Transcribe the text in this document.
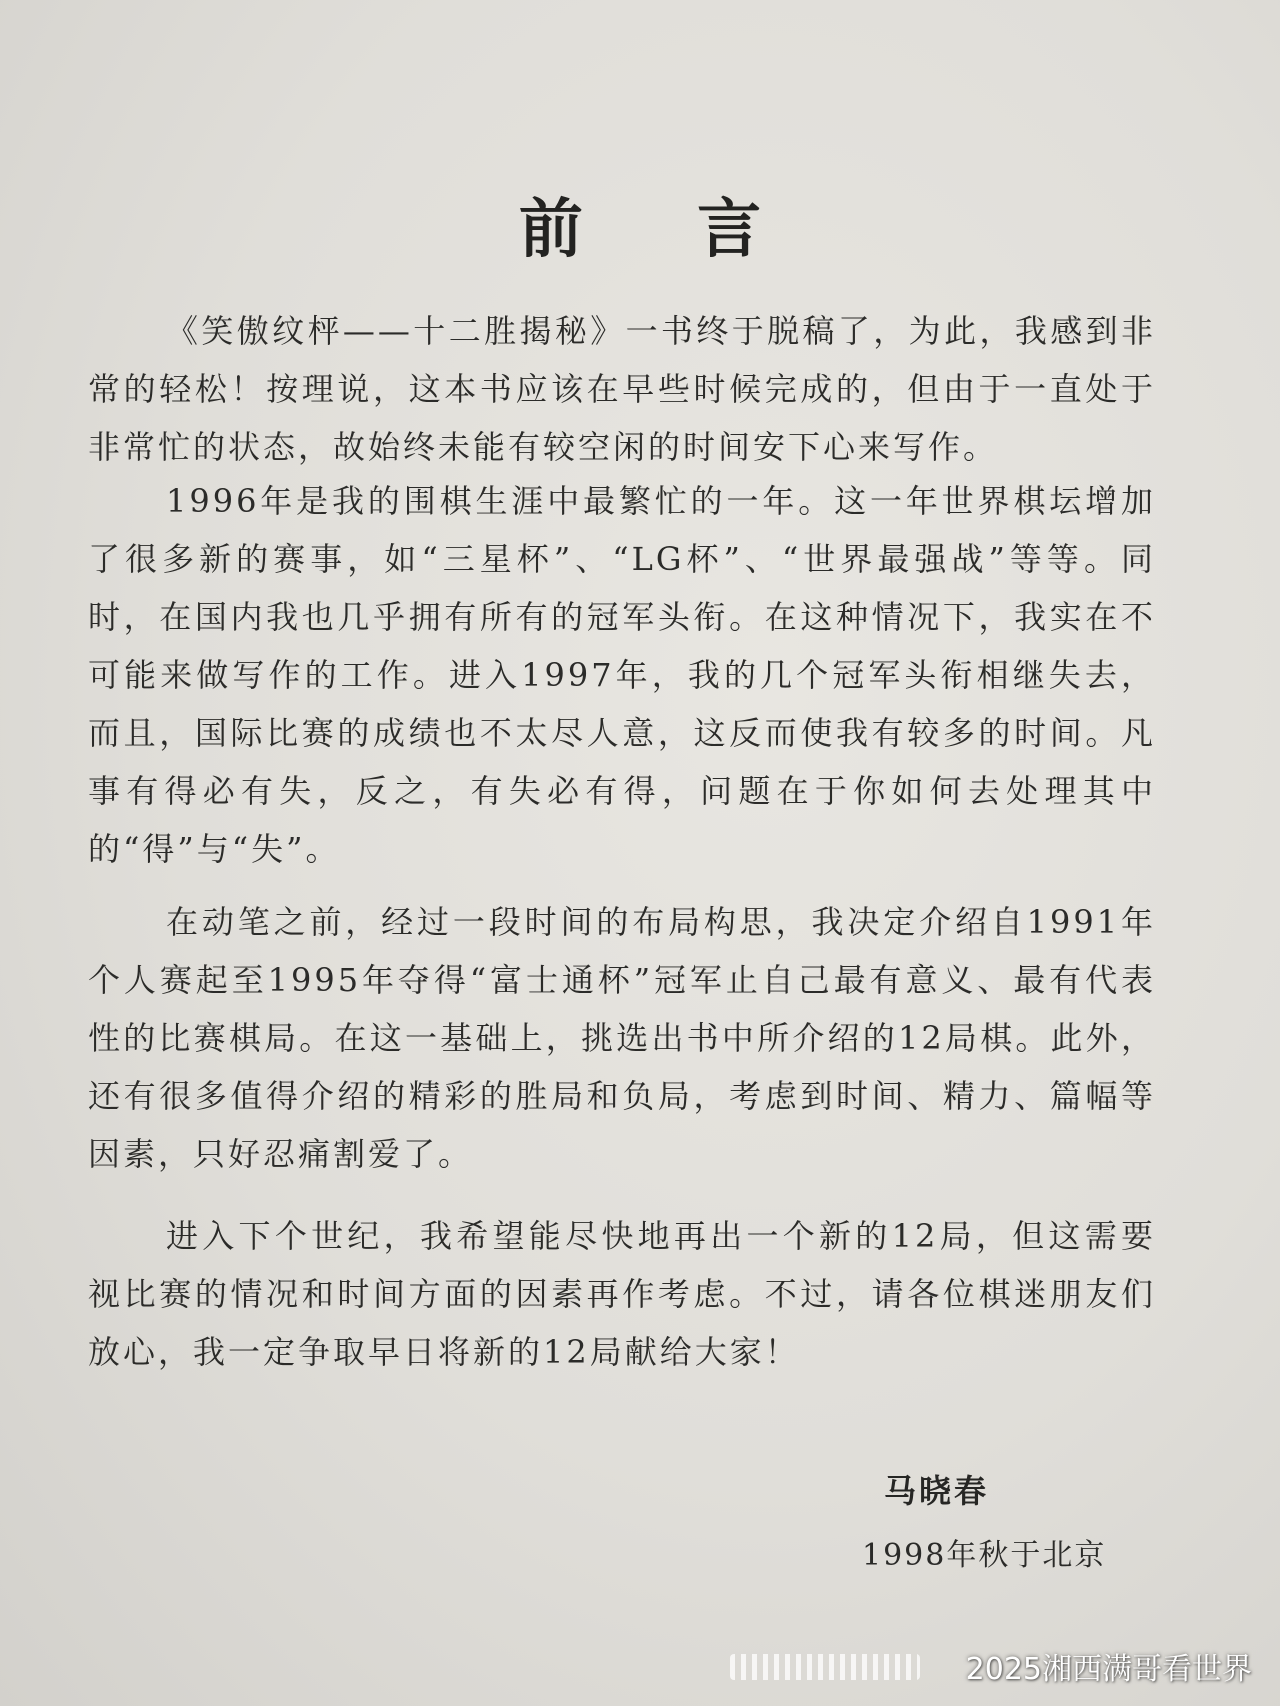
前 言

《笑傲纹枰——十二胜揭秘》一书终于脱稿了，为此，我感到非常的轻松！按理说，这本书应该在早些时候完成的，但由于一直处于非常忙的状态，故始终未能有较空闲的时间安下心来写作。

1996年是我的围棋生涯中最繁忙的一年。这一年世界棋坛增加了很多新的赛事，如“三星杯”、“LG杯”、“世界最强战”等等。同时，在国内我也几乎拥有所有的冠军头衔。在这种情况下，我实在不可能来做写作的工作。进入1997年，我的几个冠军头衔相继失去，而且，国际比赛的成绩也不太尽人意，这反而使我有较多的时间。凡事有得必有失，反之，有失必有得，问题在于你如何去处理其中的“得”与“失”。

在动笔之前，经过一段时间的布局构思，我决定介绍自1991年个人赛起至1995年夺得“富士通杯”冠军止自己最有意义、最有代表性的比赛棋局。在这一基础上，挑选出书中所介绍的12局棋。此外，还有很多值得介绍的精彩的胜局和负局，考虑到时间、精力、篇幅等因素，只好忍痛割爱了。

进入下个世纪，我希望能尽快地再出一个新的12局，但这需要视比赛的情况和时间方面的因素再作考虑。不过，请各位棋迷朋友们放心，我一定争取早日将新的12局献给大家！

马晓春
1998年秋于北京
2025湘西满哥看世界
